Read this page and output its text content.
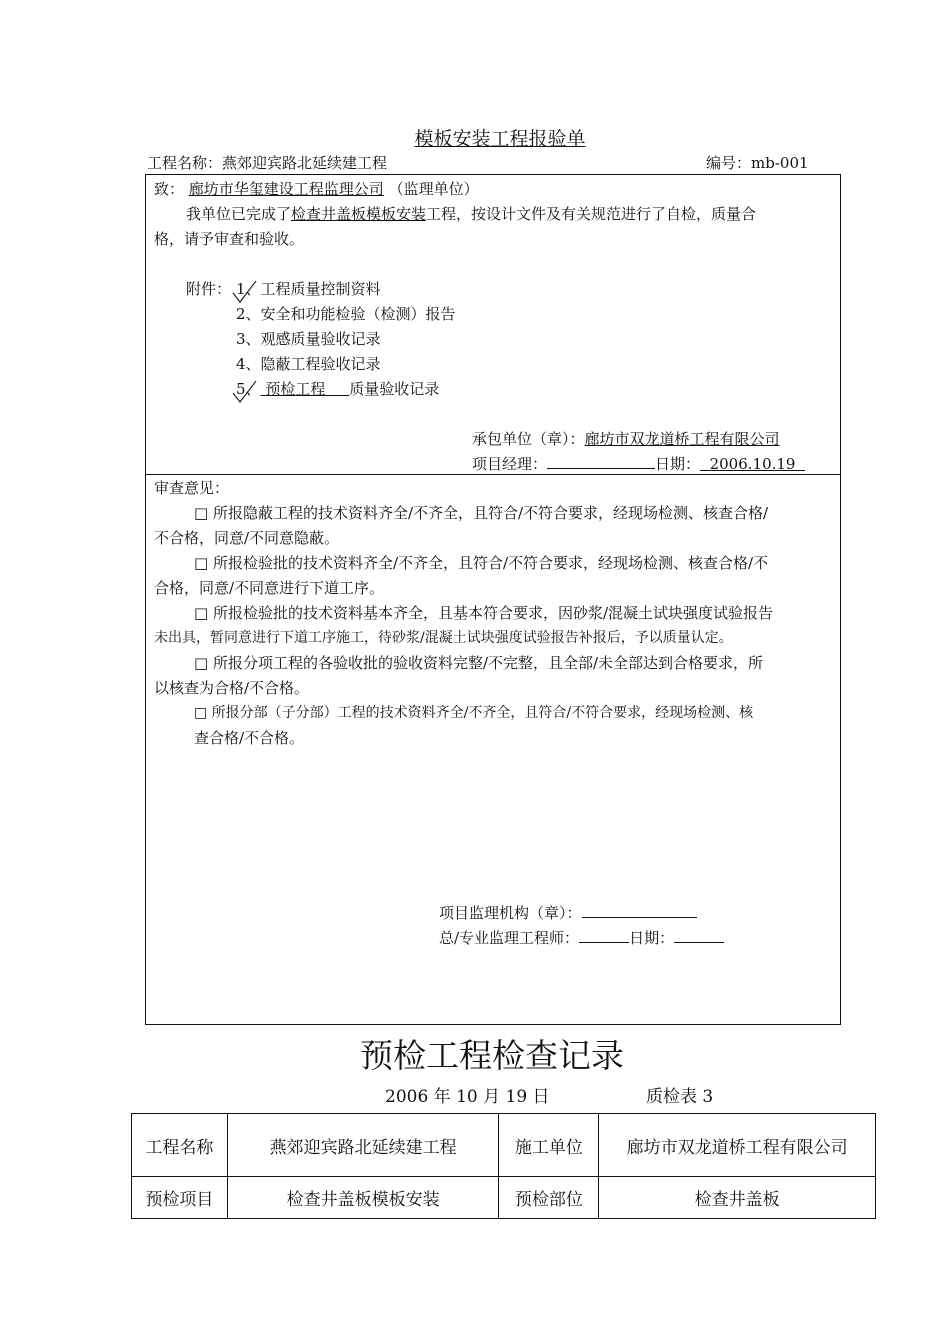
模板安装工程报验单
工程名称：燕郊迎宾路北延续建工程	编号：mb-001
致： 廊坊市华玺建设工程监理公司 （监理单位）
我单位已完成了检查井盖板模板安装工程，按设计文件及有关规范进行了自检，质量合
格，请予审查和验收。
附件： 1、工程质量控制资料
2、安全和功能检验（检测）报告
3、观感质量验收记录
4、隐蔽工程验收记录
5、 预检工程 质量验收记录
承包单位（章）：廊坊市双龙道桥工程有限公司
项目经理：	日期： 2006.10.19
审查意见：
□ 所报隐蔽工程的技术资料齐全/不齐全，且符合/不符合要求，经现场检测、核查合格/
不合格，同意/不同意隐蔽。
□ 所报检验批的技术资料齐全/不齐全，且符合/不符合要求，经现场检测、核查合格/不
合格，同意/不同意进行下道工序。
□ 所报检验批的技术资料基本齐全，且基本符合要求，因砂浆/混凝土试块强度试验报告
未出具，暂同意进行下道工序施工，待砂浆/混凝土试块强度试验报告补报后，予以质量认定。
□ 所报分项工程的各验收批的验收资料完整/不完整，且全部/未全部达到合格要求，所
以核查为合格/不合格。
□ 所报分部（子分部）工程的技术资料齐全/不齐全，且符合/不符合要求，经现场检测、核
查合格/不合格。
项目监理机构（章）：
总/专业监理工程师：	日期：
预检工程检查记录
2006 年 10 月 19 日	质检表 3
工程名称	燕郊迎宾路北延续建工程	施工单位	廊坊市双龙道桥工程有限公司
预检项目	检查井盖板模板安装	预检部位	检查井盖板
